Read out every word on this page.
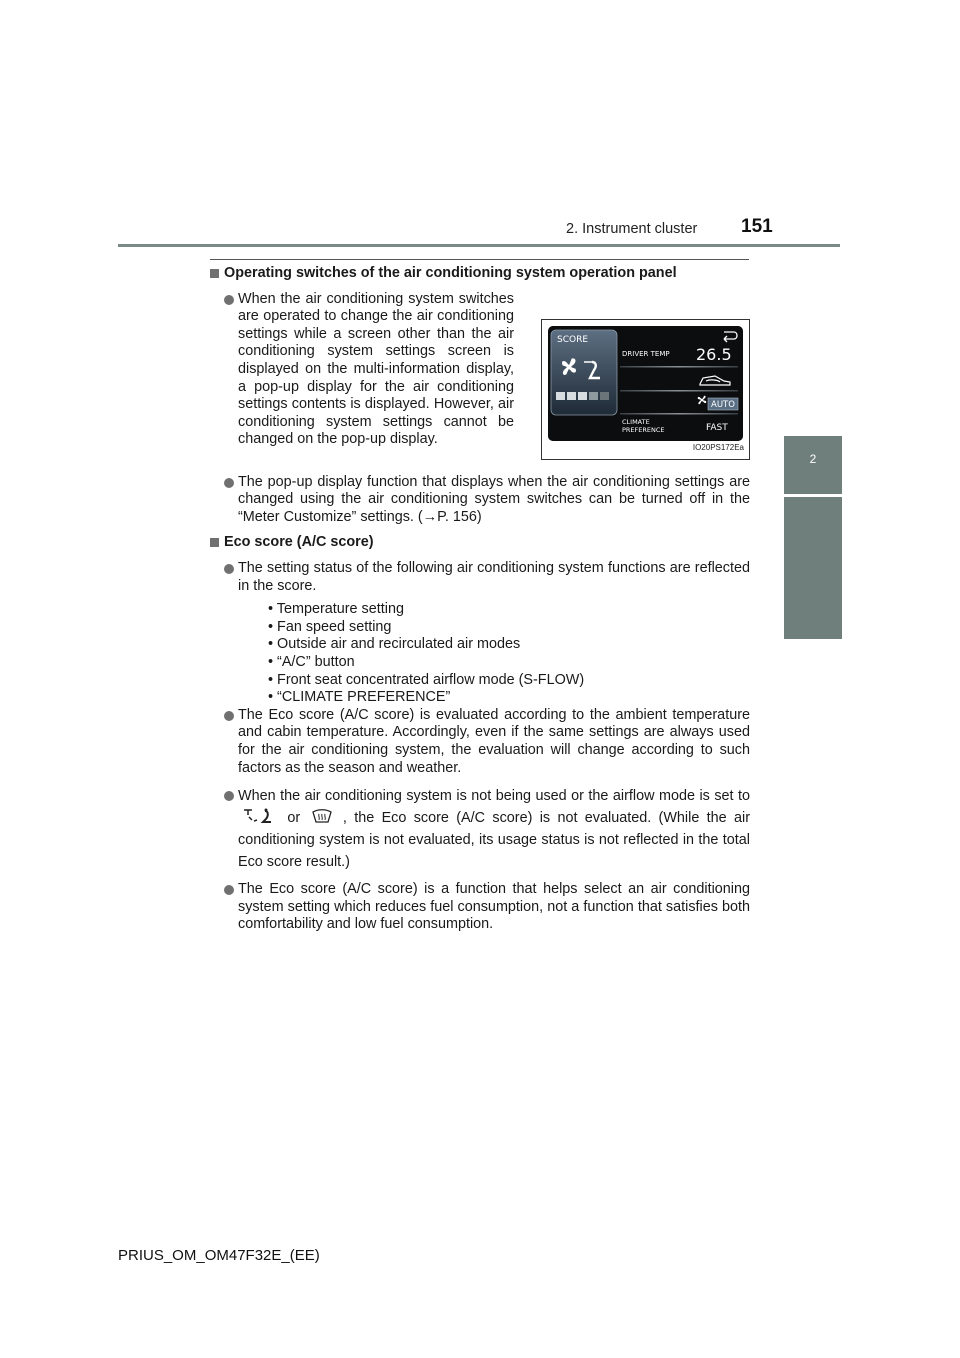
2. Instrument cluster 151
2
Instrument cluster
Operating switches of the air conditioning system operation panel
When the air conditioning system switches are operated to change the air conditioning settings while a screen other than the air conditioning system settings screen is displayed on the multi-information display, a pop-up display for the air conditioning settings contents is displayed. However, air conditioning system settings cannot be changed on the pop-up display.
SCORE
DRIVER TEMP 26.5
AUTO
CLIMATE
PREFERENCE	FAST
IO20PS172Ea
The pop-up display function that displays when the air conditioning settings are changed using the air conditioning system switches can be turned off in the “Meter Customize” settings. (→P. 156)
Eco score (A/C score)
The setting status of the following air conditioning system functions are reflected in the score.
• Temperature setting
• Fan speed setting
• Outside air and recirculated air modes
• “A/C” button
• Front seat concentrated airflow mode (S-FLOW)
• “CLIMATE PREFERENCE”
The Eco score (A/C score) is evaluated according to the ambient temperature and cabin temperature. Accordingly, even if the same settings are always used for the air conditioning system, the evaluation will change according to such factors as the season and weather.
When the air conditioning system is not being used or the airflow mode is set to  or	, the Eco score (A/C score) is not evaluated. (While the air conditioning system is not evaluated, its usage status is not reflected in the total Eco score result.)
The Eco score (A/C score) is a function that helps select an air conditioning system setting which reduces fuel consumption, not a function that satisfies both comfortability and low fuel consumption.
PRIUS_OM_OM47F32E_(EE)
